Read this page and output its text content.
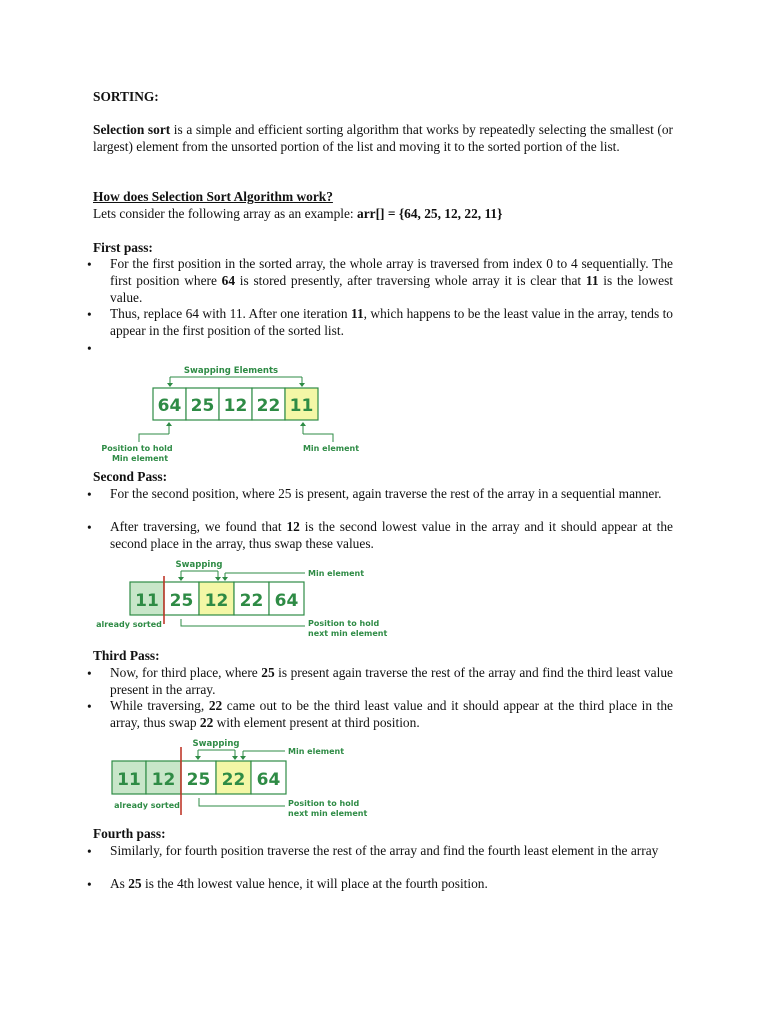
SORTING:
Selection sort is a simple and efficient sorting algorithm that works by repeatedly selecting the smallest (or largest) element from the unsorted portion of the list and moving it to the sorted portion of the list.
How does Selection Sort Algorithm work?
Lets consider the following array as an example: arr[] = {64, 25, 12, 22, 11}
First pass:
• For the first position in the sorted array, the whole array is traversed from index 0 to 4 sequentially. The first position where 64 is stored presently, after traversing whole array it is clear that 11 is the lowest value.
• Thus, replace 64 with 11. After one iteration 11, which happens to be the least value in the array, tends to appear in the first position of the sorted list.
•
Swapping Elements
64 25 12 22 11
Position to hold
Min element
Min element
Second Pass:
• For the second position, where 25 is present, again traverse the rest of the array in a sequential manner.
• After traversing, we found that 12 is the second lowest value in the array and it should appear at the second place in the array, thus swap these values.
Swapping
Min element
11 25 12 22 64
already sorted	Position to hold
next min element
Third Pass:
• Now, for third place, where 25 is present again traverse the rest of the array and find the third least value present in the array.
• While traversing, 22 came out to be the third least value and it should appear at the third place in the array, thus swap 22 with element present at third position.
Swapping
Min element
11 12 25 22 64
already sorted	Position to hold
next min element
Fourth pass:
• Similarly, for fourth position traverse the rest of the array and find the fourth least element in the array
• As 25 is the 4th lowest value hence, it will place at the fourth position.
